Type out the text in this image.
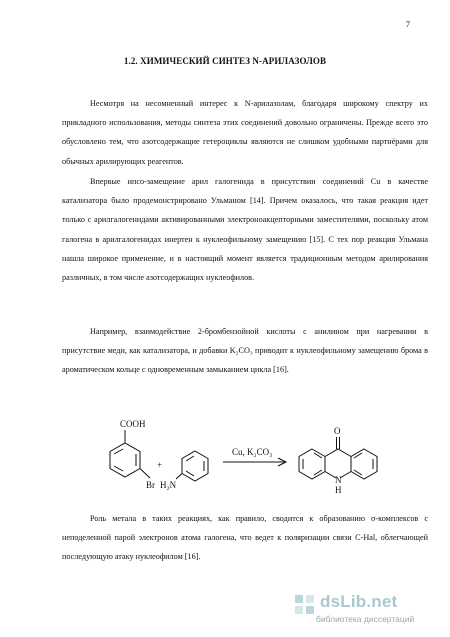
7
1.2. ХИМИЧЕСКИЙ СИНТЕЗ N-АРИЛАЗОЛОВ

Несмотря на несомненный интерес к N-арилазолам, благодаря широкому спектру их прикладного использования, методы синтеза этих соединений довольно ограничены. Прежде всего это обусловлено тем, что азотсодержащие гетероциклы являются не слишком удобными партнёрами для обычных арилирующих реагентов.

Впервые ипсо-замещение арил галогенида в присутствии соединений Cu в качестве катализатора было продемонстрировано Ульманом [14]. Причем оказалось, что такая реакция идет только с арилгалогенидами активированными электроноакцепторными заместителями, поскольку атом галогена в арилгалогенидах инертен к нуклеофильному замещению [15]. С тех пор реакция Ульмана нашла широкое применение, и в настоящий момент является традиционным методом арилирования различных, в том числе азотсодержащих нуклеофилов.

Например, взаимодействие 2-бромбензойной кислоты с анилином при нагревании в присутствие меди, как катализатора, и добавки K₂CO₃ приводит к нуклеофильному замещению брома в ароматическом кольце с одновременным замыканием цикла [16].

COOH
Br
+
H₂N
Cu, K₂CO₃
O
N
H

Роль метала в таких реакциях, как правило, сводится к образованию σ-комплексов с неподеленной парой электронов атома галогена, что ведет к поляризации связи C-Hal, облегчающей последующую атаку нуклеофилом [16].

dsLib.net
библиотека диссертаций
